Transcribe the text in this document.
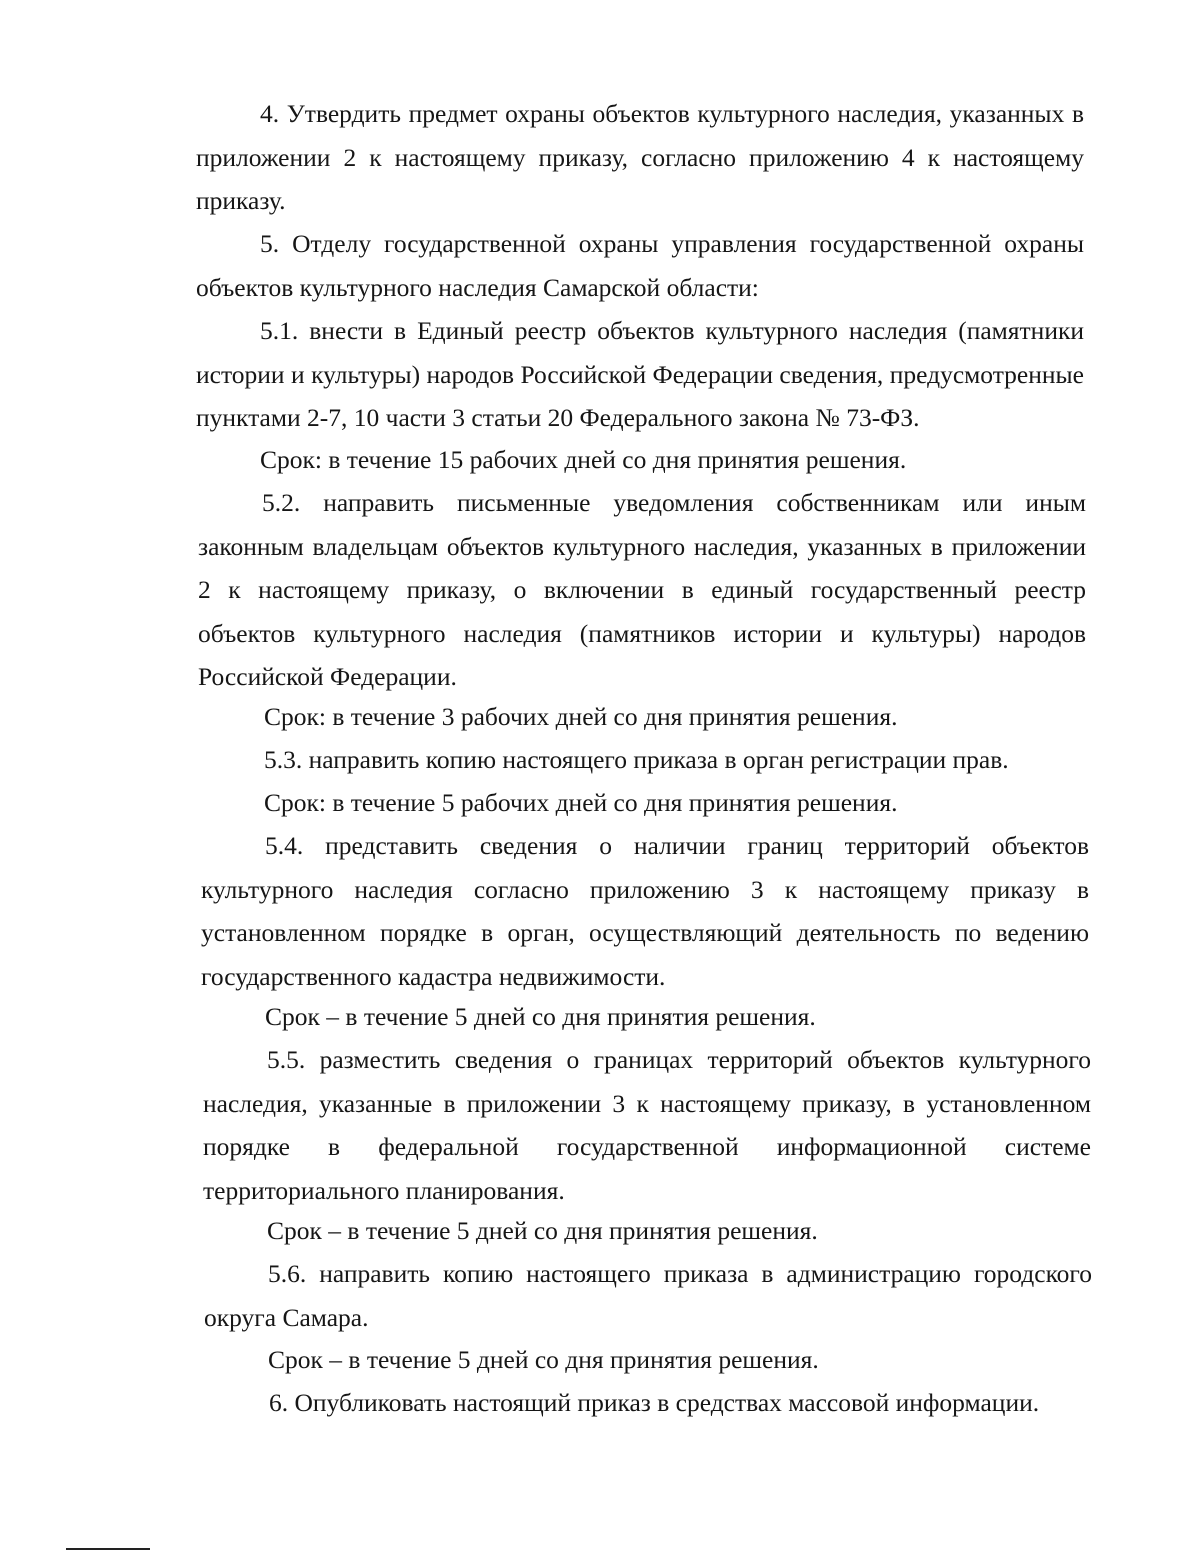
4. Утвердить предмет охраны объектов культурного наследия, указанных в приложении 2 к настоящему приказу, согласно приложению 4 к настоящему приказу.

5. Отделу государственной охраны управления государственной охраны объектов культурного наследия Самарской области:

5.1. внести в Единый реестр объектов культурного наследия (памятники истории и культуры) народов Российской Федерации сведения, предусмотренные пунктами 2-7, 10 части 3 статьи 20 Федерального закона № 73-ФЗ.

Срок: в течение 15 рабочих дней со дня принятия решения.

5.2. направить письменные уведомления собственникам или иным законным владельцам объектов культурного наследия, указанных в приложении 2 к настоящему приказу, о включении в единый государственный реестр объектов культурного наследия (памятников истории и культуры) народов Российской Федерации.

Срок: в течение 3 рабочих дней со дня принятия решения.

5.3. направить копию настоящего приказа в орган регистрации прав.

Срок: в течение 5 рабочих дней со дня принятия решения.

5.4. представить сведения о наличии границ территорий объектов культурного наследия согласно приложению 3 к настоящему приказу в установленном порядке в орган, осуществляющий деятельность по ведению государственного кадастра недвижимости.

Срок – в течение 5 дней со дня принятия решения.

5.5. разместить сведения о границах территорий объектов культурного наследия, указанные в приложении 3 к настоящему приказу, в установленном порядке в федеральной государственной информационной системе территориального планирования.

Срок – в течение 5 дней со дня принятия решения.

5.6. направить копию настоящего приказа в администрацию городского округа Самара.

Срок – в течение 5 дней со дня принятия решения.

6. Опубликовать настоящий приказ в средствах массовой информации.
